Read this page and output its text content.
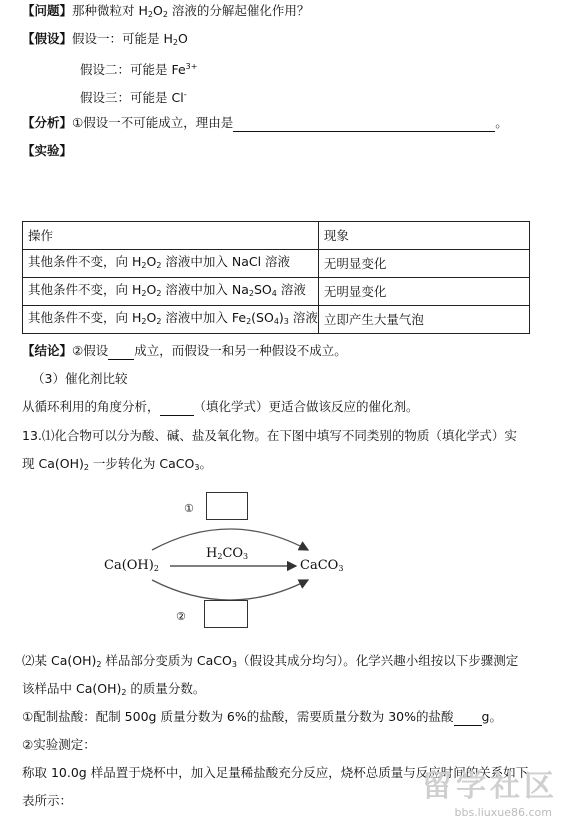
【问题】那种微粒对 $H_2O_2$ 溶液的分解起催化作用？
【假设】假设一：可能是 $H_2O$
假设二：可能是 $Fe^{3+}$
假设三：可能是 Cl-
【分析】①假设一不可能成立，理由是	。
【实验】
操作	现象
其他条件不变，向 $H_2O_2$ 溶液中加入 NaCl 溶液	无明显变化
其他条件不变，向 $H_2O_2$ 溶液中加入 $Na_2SO_4$ 溶液	无明显变化
其他条件不变，向 $H_2O_2$ 溶液中加入 $Fe_2(SO_4)_3$ 溶液	立即产生大量气泡
【结论】②假设 成立，而假设一和另一种假设不成立。
（3）催化剂比较
从循环利用的角度分析，	（填化学式）更适合做该反应的催化剂。
13.⑴化合物可以分为酸、碱、盐及氧化物。在下图中填写不同类别的物质（填化学式）实
现 $Ca(OH)_2$ 一步转化为 CaCO$_3$。
①
$Ca(OH)_2$
$H_2CO_3$
CaCO$_3$
②
⑵某 $Ca(OH)_2$ 样品部分变质为 CaCO$_3$（假设其成分均匀）。化学兴趣小组按以下步骤测定
该样品中 $Ca(OH)_2$ 的质量分数。
①配制盐酸：配制 500g 质量分数为 6%的盐酸，需要质量分数为 30%的盐酸 g。
②实验测定：
称取 10.0g 样品置于烧杯中，加入足量稀盐酸充分反应，烧杯总质量与反应时间的关系如下
表所示：	留学社区
bbs.liuxue86.com
